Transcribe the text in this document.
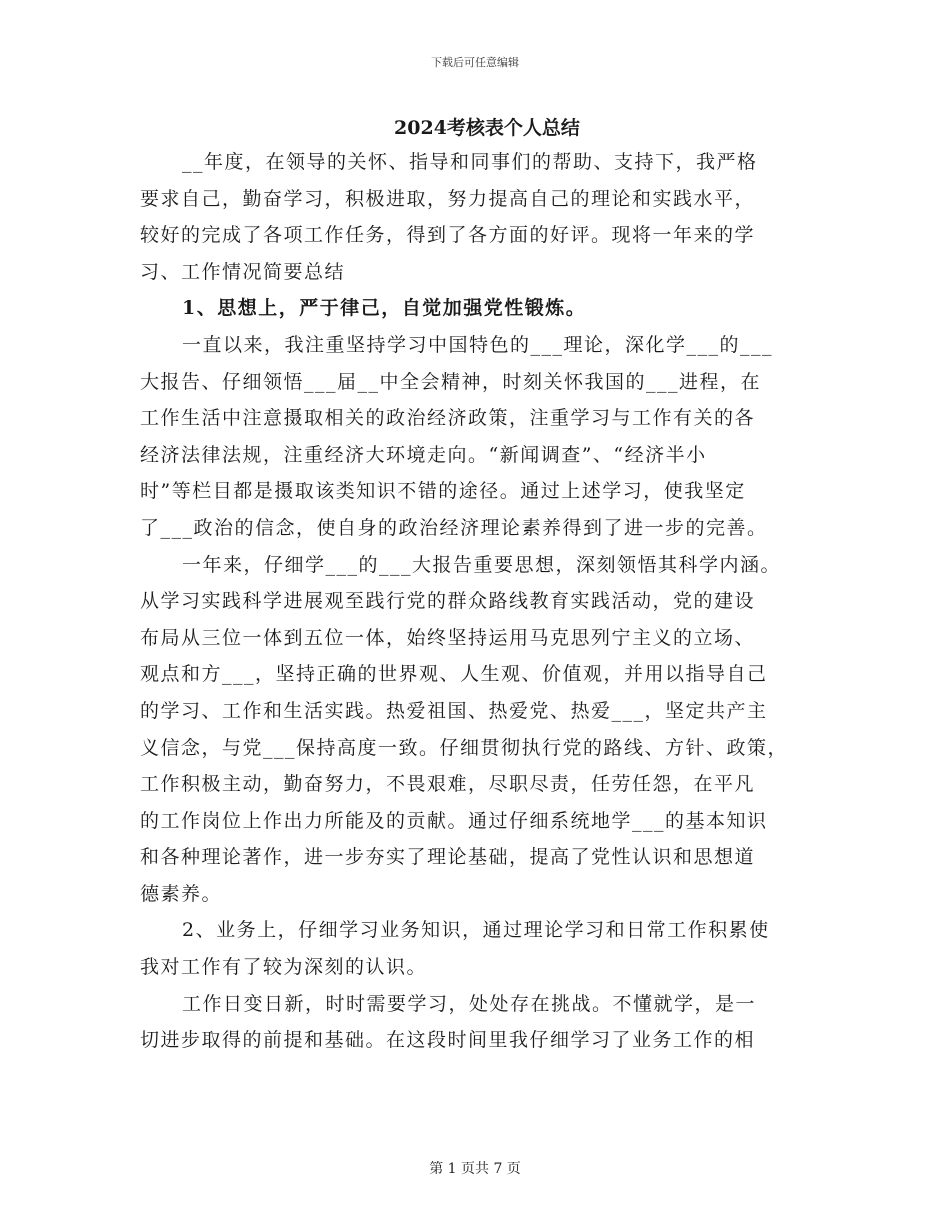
下载后可任意编辑
2024考核表个人总结
__年度，在领导的关怀、指导和同事们的帮助、支持下，我严格
要求自己，勤奋学习，积极进取，努力提高自己的理论和实践水平，
较好的完成了各项工作任务，得到了各方面的好评。现将一年来的学
习、工作情况简要总结
1、思想上，严于律己，自觉加强党性锻炼。
一直以来，我注重坚持学习中国特色的___理论，深化学___的___
大报告、仔细领悟___届__中全会精神，时刻关怀我国的___进程，在
工作生活中注意摄取相关的政治经济政策，注重学习与工作有关的各
经济法律法规，注重经济大环境走向。“新闻调查”、“经济半小
时”等栏目都是摄取该类知识不错的途径。通过上述学习，使我坚定
了___政治的信念，使自身的政治经济理论素养得到了进一步的完善。
一年来，仔细学___的___大报告重要思想，深刻领悟其科学内涵。
从学习实践科学进展观至践行党的群众路线教育实践活动，党的建设
布局从三位一体到五位一体，始终坚持运用马克思列宁主义的立场、
观点和方___，坚持正确的世界观、人生观、价值观，并用以指导自己
的学习、工作和生活实践。热爱祖国、热爱党、热爱___，坚定共产主
义信念，与党___保持高度一致。仔细贯彻执行党的路线、方针、政策，
工作积极主动，勤奋努力，不畏艰难，尽职尽责，任劳任怨，在平凡
的工作岗位上作出力所能及的贡献。通过仔细系统地学___的基本知识
和各种理论著作，进一步夯实了理论基础，提高了党性认识和思想道
德素养。
2、业务上，仔细学习业务知识，通过理论学习和日常工作积累使
我对工作有了较为深刻的认识。
工作日变日新，时时需要学习，处处存在挑战。不懂就学，是一
切进步取得的前提和基础。在这段时间里我仔细学习了业务工作的相
第 1 页共 7 页
